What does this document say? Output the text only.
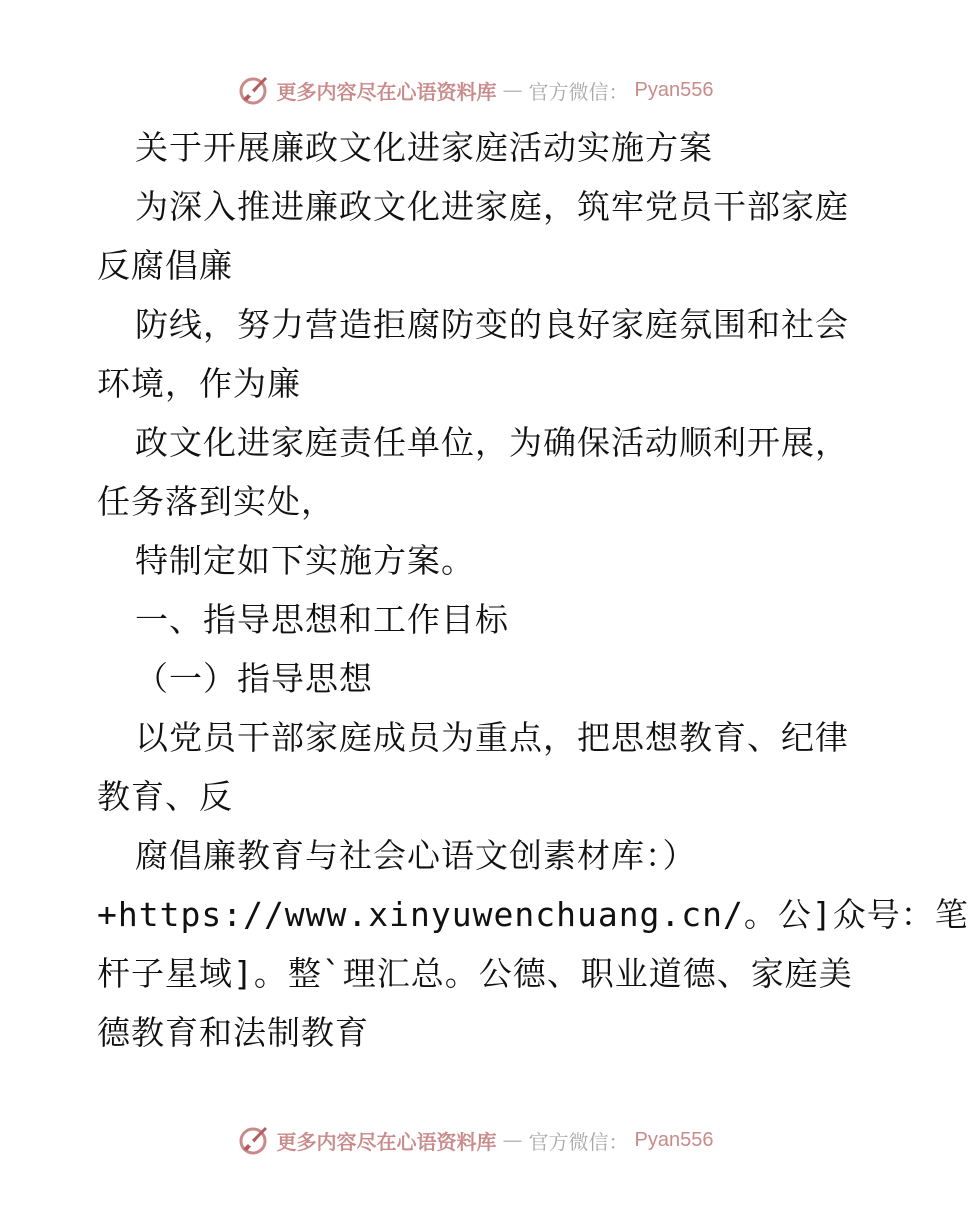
更多内容尽在心语资料库 — 官方微信： Pyan556
关于开展廉政文化进家庭活动实施方案
为深入推进廉政文化进家庭，筑牢党员干部家庭
反腐倡廉
防线，努力营造拒腐防变的良好家庭氛围和社会
环境，作为廉
政文化进家庭责任单位，为确保活动顺利开展，
任务落到实处，
特制定如下实施方案。
一、指导思想和工作目标
（一）指导思想
以党员干部家庭成员为重点，把思想教育、纪律
教育、反
腐倡廉教育与社会心语文创素材库：）
+https://www.xinyuwenchuang.cn/。公]众号：笔
杆子星域]。整`理汇总。公德、职业道德、家庭美
德教育和法制教育
更多内容尽在心语资料库 — 官方微信： Pyan556
